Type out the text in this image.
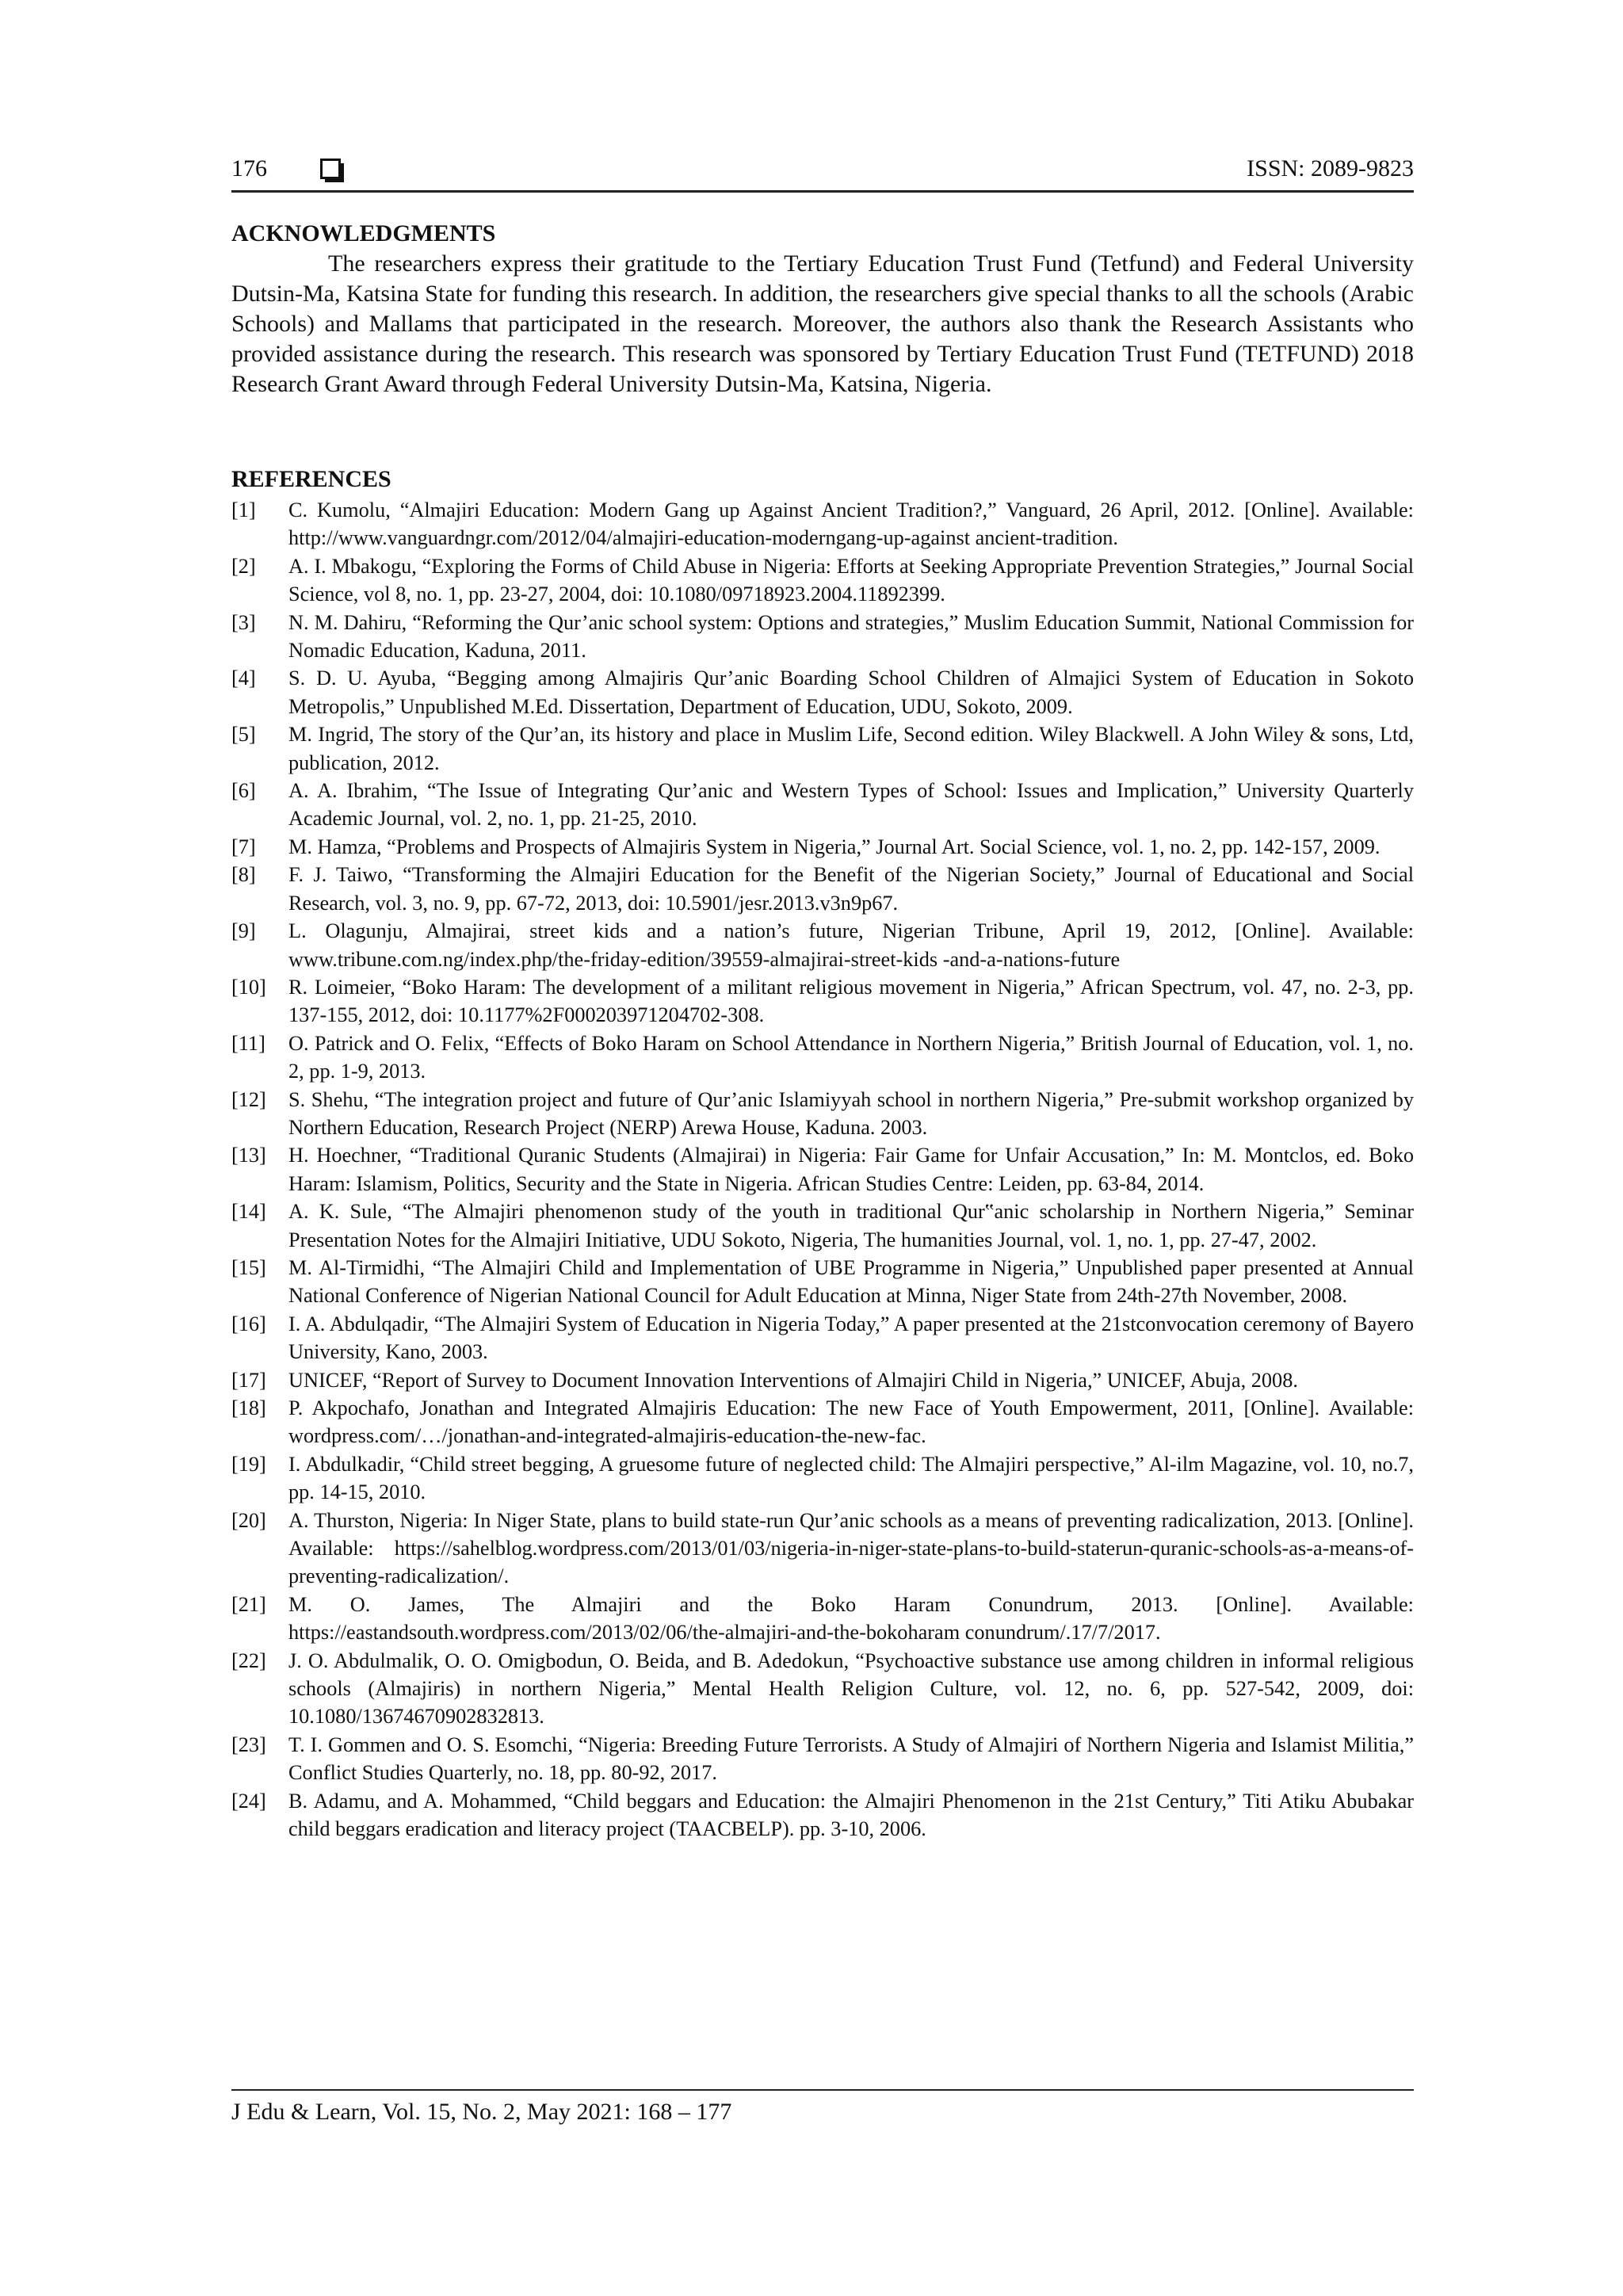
176	ISSN: 2089-9823
ACKNOWLEDGMENTS

The researchers express their gratitude to the Tertiary Education Trust Fund (Tetfund) and Federal University Dutsin-Ma, Katsina State for funding this research. In addition, the researchers give special thanks to all the schools (Arabic Schools) and Mallams that participated in the research. Moreover, the authors also thank the Research Assistants who provided assistance during the research. This research was sponsored by Tertiary Education Trust Fund (TETFUND) 2018 Research Grant Award through Federal University Dutsin-Ma, Katsina, Nigeria.

REFERENCES
[1]	C. Kumolu, “Almajiri Education: Modern Gang up Against Ancient Tradition?,” Vanguard, 26 April, 2012. [Online]. Available: http://www.vanguardngr.com/2012/04/almajiri-education-moderngang-up-against ancient-tradition.
[2]	A. I. Mbakogu, “Exploring the Forms of Child Abuse in Nigeria: Efforts at Seeking Appropriate Prevention Strategies,” Journal Social Science, vol 8, no. 1, pp. 23-27, 2004, doi: 10.1080/09718923.2004.11892399.
[3]	N. M. Dahiru, “Reforming the Qur’anic school system: Options and strategies,” Muslim Education Summit, National Commission for Nomadic Education, Kaduna, 2011.
[4]	S. D. U. Ayuba, “Begging among Almajiris Qur’anic Boarding School Children of Almajici System of Education in Sokoto Metropolis,” Unpublished M.Ed. Dissertation, Department of Education, UDU, Sokoto, 2009.
[5]	M. Ingrid, The story of the Qur’an, its history and place in Muslim Life, Second edition. Wiley Blackwell. A John Wiley & sons, Ltd, publication, 2012.
[6]	A. A. Ibrahim, “The Issue of Integrating Qur’anic and Western Types of School: Issues and Implication,” University Quarterly Academic Journal, vol. 2, no. 1, pp. 21-25, 2010.
[7]	M. Hamza, “Problems and Prospects of Almajiris System in Nigeria,” Journal Art. Social Science, vol. 1, no. 2, pp. 142-157, 2009.
[8]	F. J. Taiwo, “Transforming the Almajiri Education for the Benefit of the Nigerian Society,” Journal of Educational and Social Research, vol. 3, no. 9, pp. 67-72, 2013, doi: 10.5901/jesr.2013.v3n9p67.
[9]	L. Olagunju, Almajirai, street kids and a nation’s future, Nigerian Tribune, April 19, 2012, [Online]. Available: www.tribune.com.ng/index.php/the-friday-edition/39559-almajirai-street-kids -and-a-nations-future
[10]	R. Loimeier, “Boko Haram: The development of a militant religious movement in Nigeria,” African Spectrum, vol. 47, no. 2-3, pp. 137-155, 2012, doi: 10.1177%2F000203971204702-308.
[11]	O. Patrick and O. Felix, “Effects of Boko Haram on School Attendance in Northern Nigeria,” British Journal of Education, vol. 1, no. 2, pp. 1-9, 2013.
[12]	S. Shehu, “The integration project and future of Qur’anic Islamiyyah school in northern Nigeria,” Pre-submit workshop organized by Northern Education, Research Project (NERP) Arewa House, Kaduna. 2003.
[13]	H. Hoechner, “Traditional Quranic Students (Almajirai) in Nigeria: Fair Game for Unfair Accusation,” In: M. Montclos, ed. Boko Haram: Islamism, Politics, Security and the State in Nigeria. African Studies Centre: Leiden, pp. 63-84, 2014.
[14]	A. K. Sule, “The Almajiri phenomenon study of the youth in traditional Qur‟anic scholarship in Northern Nigeria,” Seminar Presentation Notes for the Almajiri Initiative, UDU Sokoto, Nigeria, The humanities Journal, vol. 1, no. 1, pp. 27-47, 2002.
[15]	M. Al-Tirmidhi, “The Almajiri Child and Implementation of UBE Programme in Nigeria,” Unpublished paper presented at Annual National Conference of Nigerian National Council for Adult Education at Minna, Niger State from 24th-27th November, 2008.
[16]	I. A. Abdulqadir, “The Almajiri System of Education in Nigeria Today,” A paper presented at the 21stconvocation ceremony of Bayero University, Kano, 2003.
[17]	UNICEF, “Report of Survey to Document Innovation Interventions of Almajiri Child in Nigeria,” UNICEF, Abuja, 2008.
[18]	P. Akpochafo, Jonathan and Integrated Almajiris Education: The new Face of Youth Empowerment, 2011, [Online]. Available: wordpress.com/…/jonathan-and-integrated-almajiris-education-the-new-fac.
[19]	I. Abdulkadir, “Child street begging, A gruesome future of neglected child: The Almajiri perspective,” Al-ilm Magazine, vol. 10, no.7, pp. 14-15, 2010.
[20]	A. Thurston, Nigeria: In Niger State, plans to build state-run Qur’anic schools as a means of preventing radicalization, 2013. [Online]. Available: https://sahelblog.wordpress.com/2013/01/03/nigeria-in-niger-state-plans-to-build-staterun-quranic-schools-as-a-means-of-preventing-radicalization/.
[21]	M. O. James, The Almajiri and the Boko Haram Conundrum, 2013. [Online]. Available: https://eastandsouth.wordpress.com/2013/02/06/the-almajiri-and-the-bokoharam conundrum/.17/7/2017.
[22]	J. O. Abdulmalik, O. O. Omigbodun, O. Beida, and B. Adedokun, “Psychoactive substance use among children in informal religious schools (Almajiris) in northern Nigeria,” Mental Health Religion Culture, vol. 12, no. 6, pp. 527-542, 2009, doi: 10.1080/13674670902832813.
[23]	T. I. Gommen and O. S. Esomchi, “Nigeria: Breeding Future Terrorists. A Study of Almajiri of Northern Nigeria and Islamist Militia,” Conflict Studies Quarterly, no. 18, pp. 80-92, 2017.
[24]	B. Adamu, and A. Mohammed, “Child beggars and Education: the Almajiri Phenomenon in the 21st Century,” Titi Atiku Abubakar child beggars eradication and literacy project (TAACBELP). pp. 3-10, 2006.
J Edu & Learn, Vol. 15, No. 2, May 2021: 168 – 177
